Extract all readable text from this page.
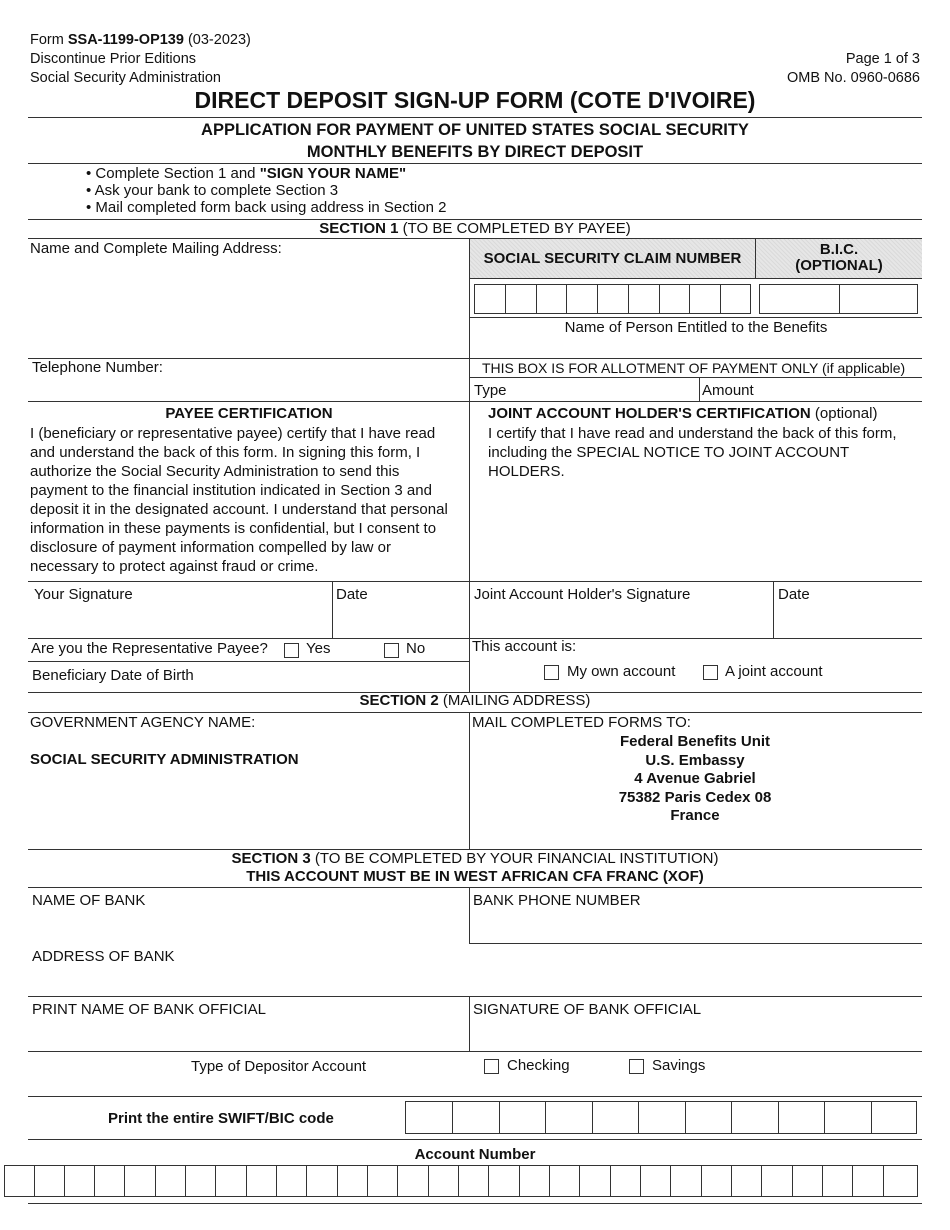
Form SSA-1199-OP139 (03-2023)
Discontinue Prior Editions
Social Security Administration
Page 1 of 3
OMB No. 0960-0686
DIRECT DEPOSIT SIGN-UP FORM (COTE D'IVOIRE)
APPLICATION FOR PAYMENT OF UNITED STATES SOCIAL SECURITY
MONTHLY BENEFITS BY DIRECT DEPOSIT
• Complete Section 1 and "SIGN YOUR NAME"
• Ask your bank to complete Section 3
• Mail completed form back using address in Section 2
SECTION 1 (TO BE COMPLETED BY PAYEE)
Name and Complete Mailing Address:
SOCIAL SECURITY CLAIM NUMBER
B.I.C.
(OPTIONAL)
Name of Person Entitled to the Benefits
Telephone Number:	THIS BOX IS FOR ALLOTMENT OF PAYMENT ONLY (if applicable)
Type	Amount
PAYEE CERTIFICATION
I (beneficiary or representative payee) certify that I have read and understand the back of this form. In signing this form, I authorize the Social Security Administration to send this payment to the financial institution indicated in Section 3 and deposit it in the designated account. I understand that personal information in these payments is confidential, but I consent to disclosure of payment information compelled by law or necessary to protect against fraud or crime.
JOINT ACCOUNT HOLDER'S CERTIFICATION (optional)
I certify that I have read and understand the back of this form, including the SPECIAL NOTICE TO JOINT ACCOUNT HOLDERS.
Your Signature	Date	Joint Account Holder's Signature	Date
Are you the Representative Payee?	Yes	No
Beneficiary Date of Birth
This account is:
My own account	A joint account
SECTION 2 (MAILING ADDRESS)
GOVERNMENT AGENCY NAME:
SOCIAL SECURITY ADMINISTRATION
MAIL COMPLETED FORMS TO:
Federal Benefits Unit
U.S. Embassy
4 Avenue Gabriel
75382 Paris Cedex 08
France
SECTION 3 (TO BE COMPLETED BY YOUR FINANCIAL INSTITUTION)
THIS ACCOUNT MUST BE IN WEST AFRICAN CFA FRANC (XOF)
NAME OF BANK	BANK PHONE NUMBER
ADDRESS OF BANK
PRINT NAME OF BANK OFFICIAL	SIGNATURE OF BANK OFFICIAL
Type of Depositor Account	Checking	Savings
Print the entire SWIFT/BIC code
Account Number
